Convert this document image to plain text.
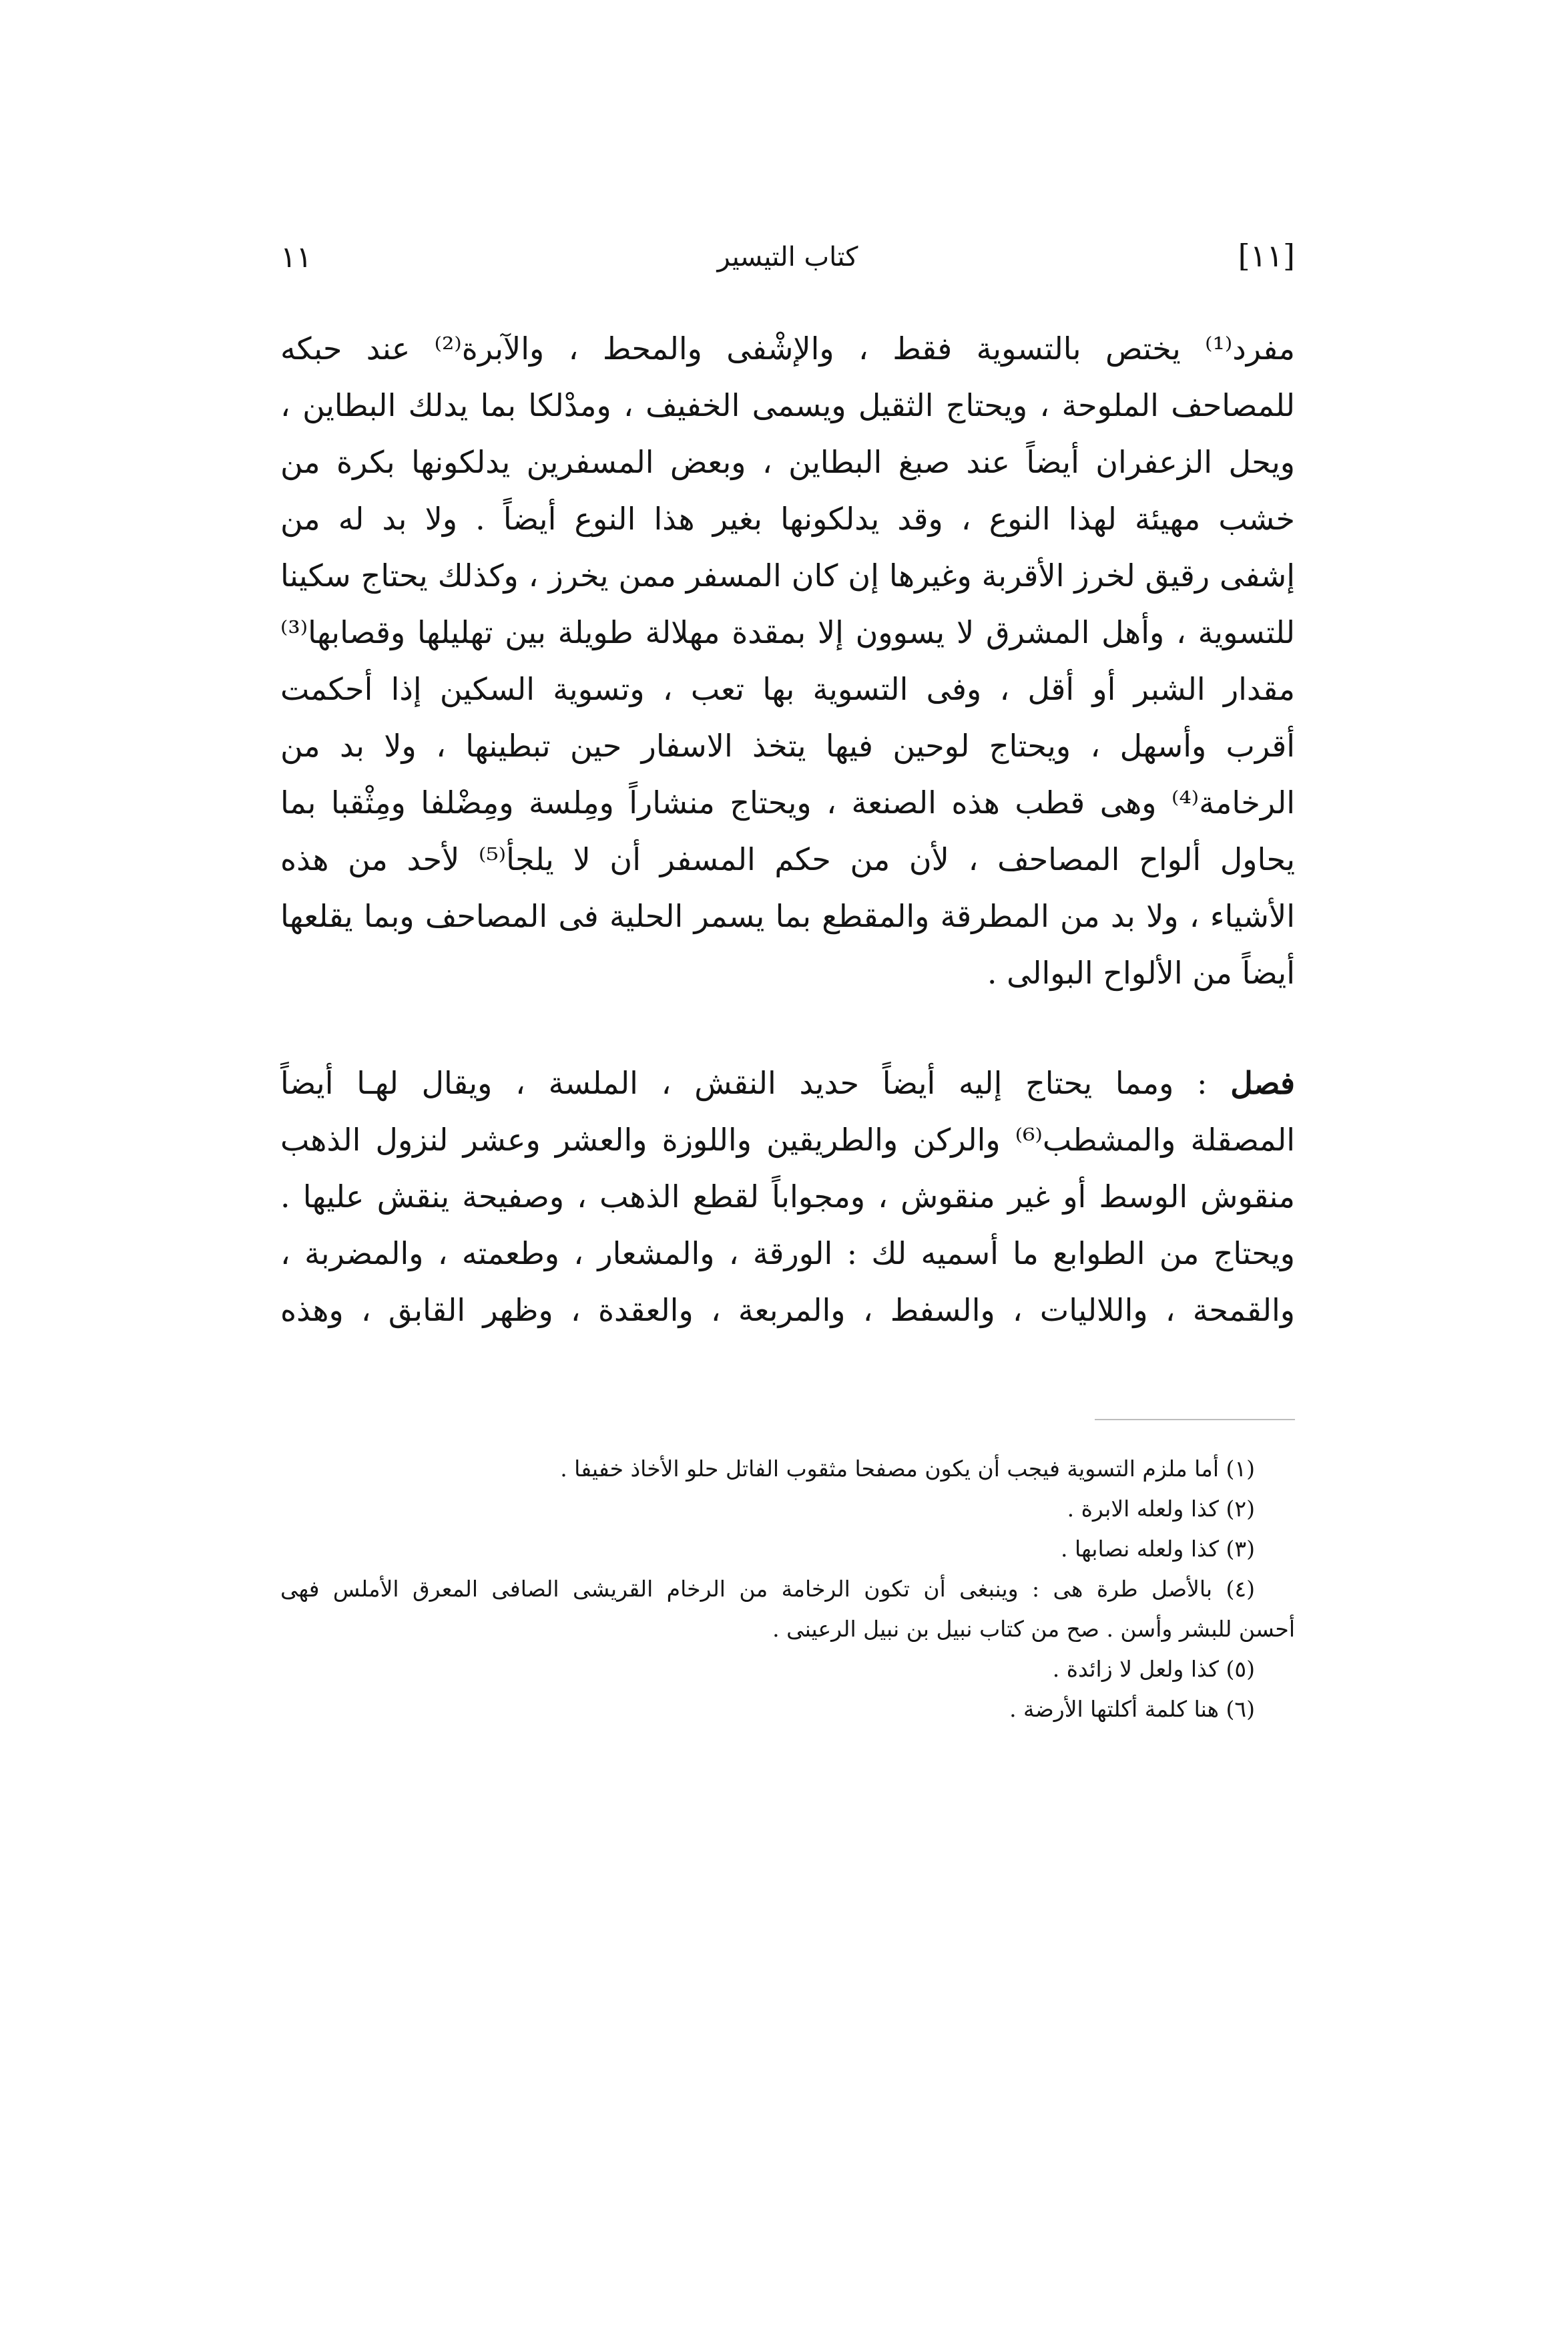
١١	كتاب التيسير	[١١]
مفرد⁽¹⁾ يختص بالتسوية فقط ، والإشْفى والمحط ، والآبرة⁽²⁾ عند حبكه
للمصاحف الملوحة ، ويحتاج الثقيل ويسمى الخفيف ، ومدْلكا بما يدلك البطاين ،
ويحل الزعفران أيضاً عند صبغ البطاين ، وبعض المسفرين يدلكونها بكرة من
خشب مهيئة لهذا النوع ، وقد يدلكونها بغير هذا النوع أيضاً . ولا بد له من
إشفى رقيق لخرز الأقربة وغيرها إن كان المسفر ممن يخرز ، وكذلك يحتاج سكينا
للتسوية ، وأهل المشرق لا يسوون إلا بمقدة مهلالة طويلة بين تهليلها وقصابها⁽³⁾
مقدار الشبر أو أقل ، وفى التسوية بها تعب ، وتسوية السكين إذا أحكمت
أقرب وأسهل ، ويحتاج لوحين فيها يتخذ الاسفار حين تبطينها ، ولا بد من
الرخامة⁽⁴⁾ وهى قطب هذه الصنعة ، ويحتاج منشاراً ومِلسة ومِضْلفا ومِثْقبا بما
يحاول ألواح المصاحف ، لأن من حكم المسفر أن لا يلجأ⁽⁵⁾ لأحد من هذه
الأشياء ، ولا بد من المطرقة والمقطع بما يسمر الحلية فى المصاحف وبما يقلعها
أيضاً من الألواح البوالى .
فصل : ومما يحتاج إليه أيضاً حديد النقش ، الملسة ، ويقال لهـا أيضاً
المصقلة والمشطب⁽⁶⁾ والركن والطريقين واللوزة والعشر وعشر لنزول الذهب
منقوش الوسط أو غير منقوش ، ومجواباً لقطع الذهب ، وصفيحة ينقش عليها .
ويحتاج من الطوابع ما أسميه لك : الورقة ، والمشعار ، وطعمته ، والمضربة ،
والقمحة ، واللاليات ، والسفط ، والمربعة ، والعقدة ، وظهر القابق ، وهذه
(١) أما ملزم التسوية فيجب أن يكون مصفحا مثقوب الفاتل حلو الأخاذ خفيفا .
(٢) كذا ولعله الابرة .
(٣) كذا ولعله نصابها .
(٤) بالأصل طرة هى : وينبغى أن تكون الرخامة من الرخام القريشى الصافى المعرق الأملس فهى
أحسن للبشر وأسن . صح من كتاب نبيل بن نبيل الرعينى .
(٥) كذا ولعل لا زائدة .
(٦) هنا كلمة أكلتها الأرضة .
